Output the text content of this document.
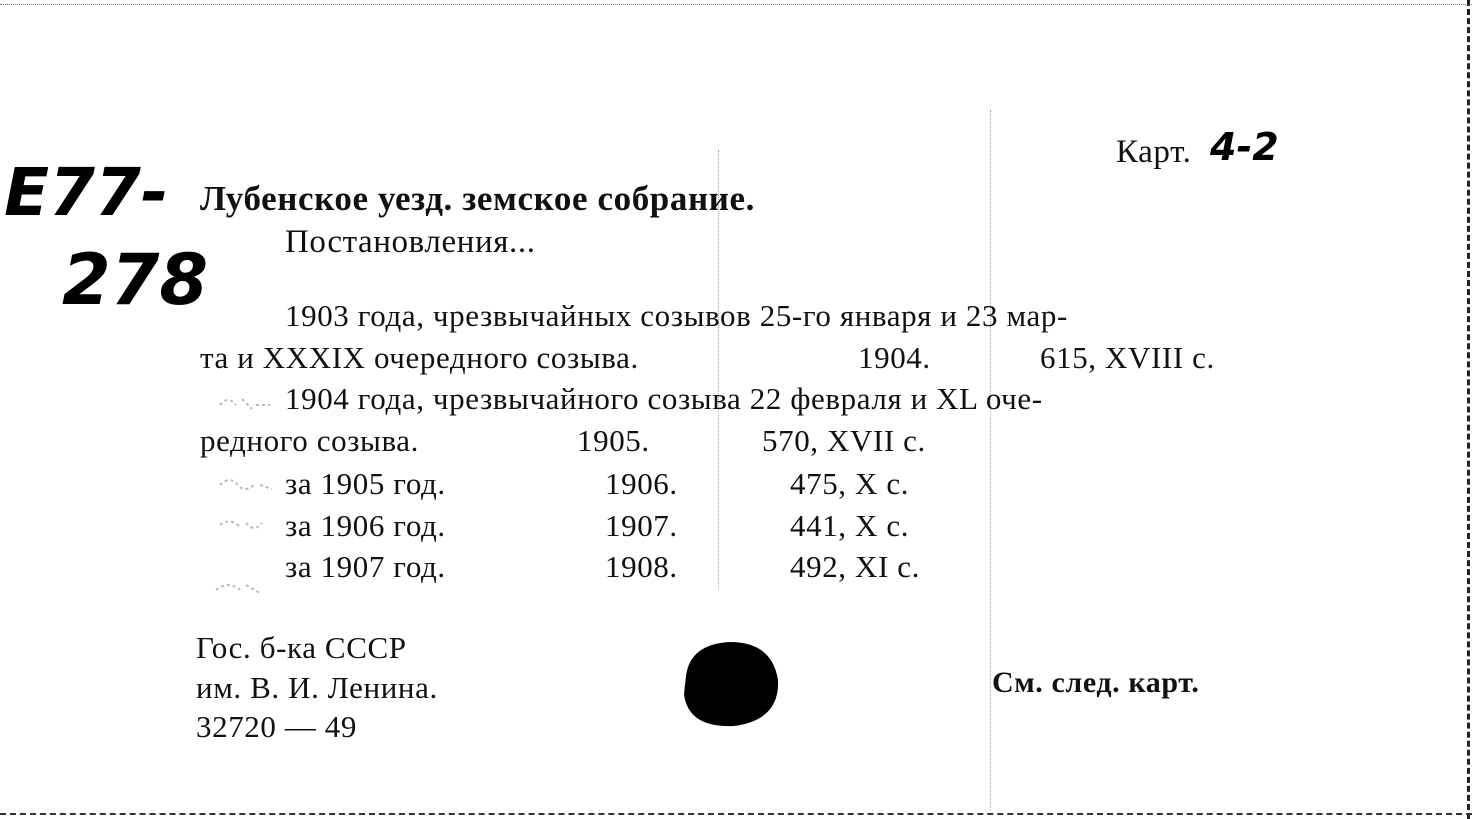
E77-
278
Карт. 4-2
Лубенское уезд. земское собрание.
Постановления...
1903 года, чрезвычайных созывов 25-го января и 23 мар-
та и XXXIX очередного созыва.	1904.	615, XVIII с.
1904 года, чрезвычайного созыва 22 февраля и XL оче-
редного созыва.	1905.	570, XVII с.
за 1905 год.	1906.	475, X с.
за 1906 год.	1907.	441, X с.
за 1907 год.	1908.	492, XI с.
Гос. б-ка СССР
им. В. И. Ленина.
32720 — 49
См. след. карт.
